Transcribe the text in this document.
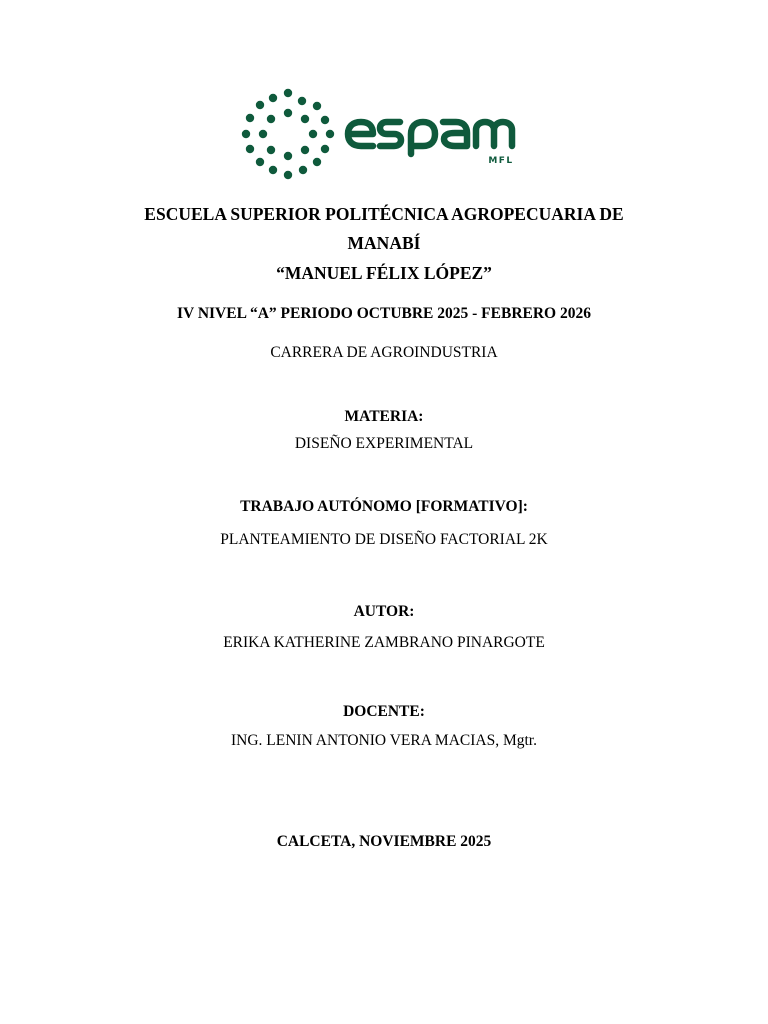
MFL
ESCUELA SUPERIOR POLITÉCNICA AGROPECUARIA DE
MANABÍ
“MANUEL FÉLIX LÓPEZ”
IV NIVEL “A” PERIODO OCTUBRE 2025 - FEBRERO 2026
CARRERA DE AGROINDUSTRIA
MATERIA:
DISEÑO EXPERIMENTAL
TRABAJO AUTÓNOMO [FORMATIVO]:
PLANTEAMIENTO DE DISEÑO FACTORIAL 2K
AUTOR:
ERIKA KATHERINE ZAMBRANO PINARGOTE
DOCENTE:
ING. LENIN ANTONIO VERA MACIAS, Mgtr.
CALCETA, NOVIEMBRE 2025
